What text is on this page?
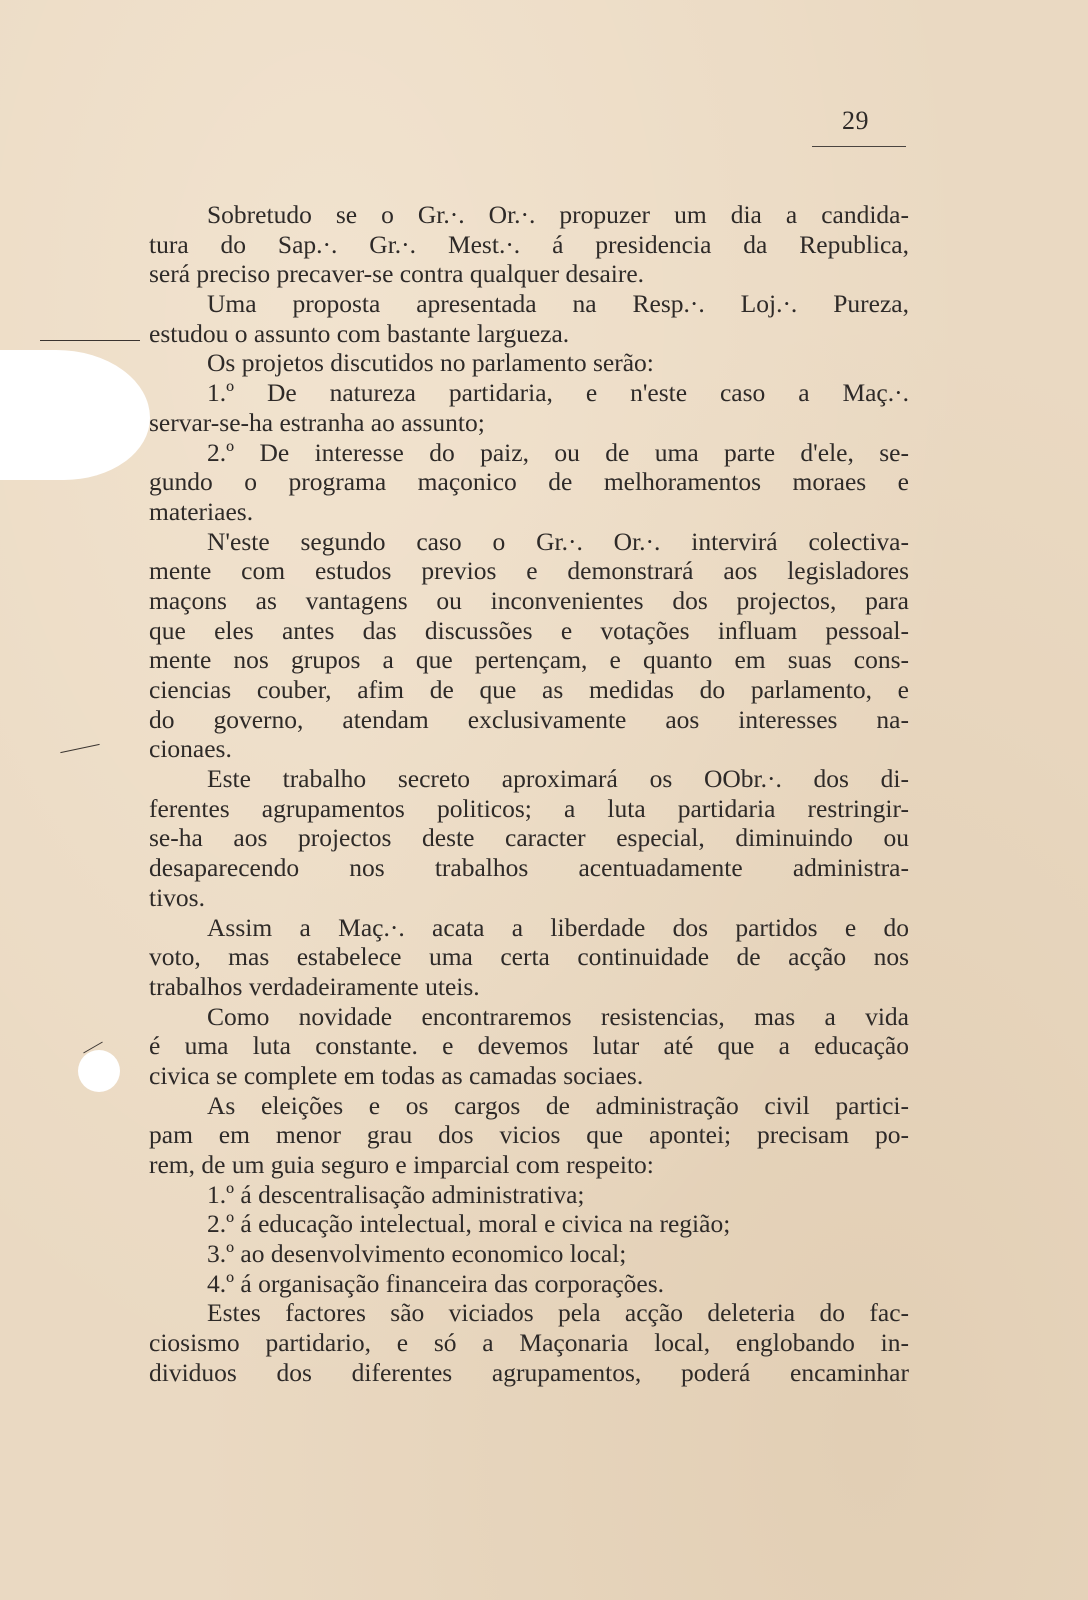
29
Sobretudo se o Gr.·. Or.·. propuzer um dia a candida-
tura do Sap.·. Gr.·. Mest.·. á presidencia da Republica,
será preciso precaver-se contra qualquer desaire.
Uma proposta apresentada na Resp.·. Loj.·. Pureza,
estudou o assunto com bastante largueza.
Os projetos discutidos no parlamento serão:
1.º De natureza partidaria, e n'este caso a Maç.·.
servar-se-ha estranha ao assunto;
2.º De interesse do paiz, ou de uma parte d'ele, se-
gundo o programa maçonico de melhoramentos moraes e
materiaes.
N'este segundo caso o Gr.·. Or.·. intervirá colectiva-
mente com estudos previos e demonstrará aos legisladores
maçons as vantagens ou inconvenientes dos projectos, para
que eles antes das discussões e votações influam pessoal-
mente nos grupos a que pertençam, e quanto em suas cons-
ciencias couber, afim de que as medidas do parlamento, e
do governo, atendam exclusivamente aos interesses na-
cionaes.
Este trabalho secreto aproximará os OObr.·. dos di-
ferentes agrupamentos politicos; a luta partidaria restringir-
se-ha aos projectos deste caracter especial, diminuindo ou
desaparecendo nos trabalhos acentuadamente administra-
tivos.
Assim a Maç.·. acata a liberdade dos partidos e do
voto, mas estabelece uma certa continuidade de acção nos
trabalhos verdadeiramente uteis.
Como novidade encontraremos resistencias, mas a vida
é uma luta constante. e devemos lutar até que a educação
civica se complete em todas as camadas sociaes.
As eleições e os cargos de administração civil partici-
pam em menor grau dos vicios que apontei; precisam po-
rem, de um guia seguro e imparcial com respeito:
1.º á descentralisação administrativa;
2.º á educação intelectual, moral e civica na região;
3.º ao desenvolvimento economico local;
4.º á organisação financeira das corporações.
Estes factores são viciados pela acção deleteria do fac-
ciosismo partidario, e só a Maçonaria local, englobando in-
dividuos dos diferentes agrupamentos, poderá encaminhar
